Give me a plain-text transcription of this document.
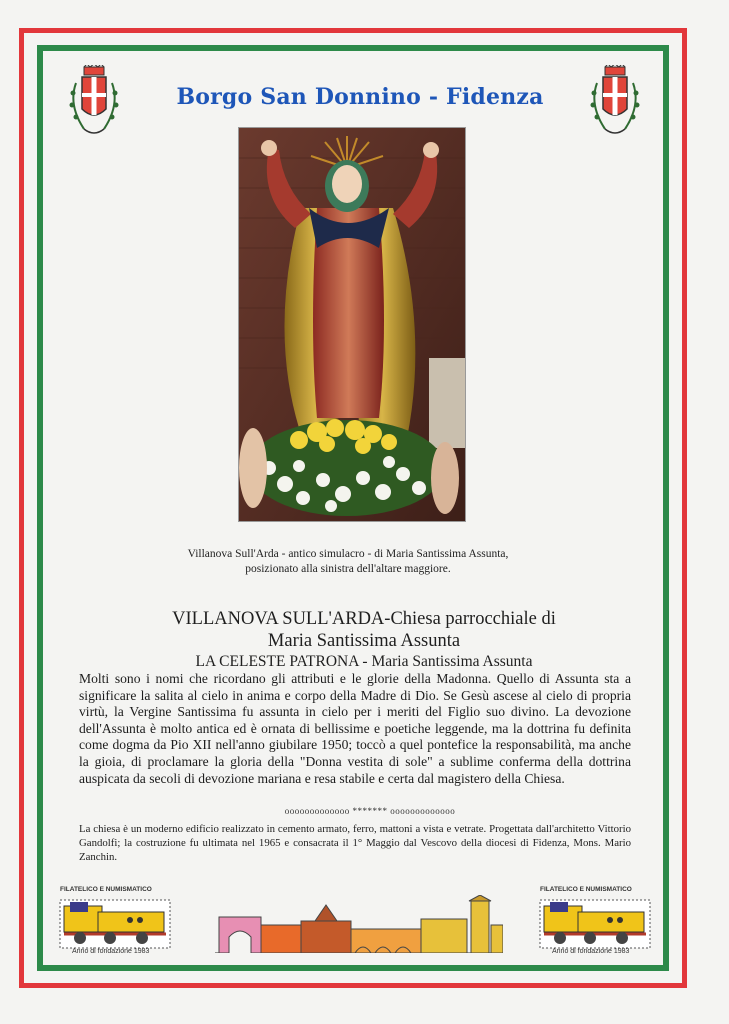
Borgo San Donnino - Fidenza
Villanova Sull'Arda - antico simulacro - di Maria Santissima Assunta,
posizionato alla sinistra dell'altare maggiore.
VILLANOVA SULL'ARDA-Chiesa parrocchiale di
Maria Santissima Assunta
LA CELESTE PATRONA - Maria Santissima Assunta
Molti sono i nomi che ricordano gli attributi e le glorie della Madonna. Quello di Assunta sta a significare la salita al cielo in anima e corpo della Madre di Dio. Se Gesù ascese al cielo di propria virtù, la Vergine Santissima fu assunta in cielo per i meriti del Figlio suo divino. La devozione dell'Assunta è molto antica ed è ornata di bellissime e poetiche leggende, ma la dottrina fu definita come dogma da Pio XII nell'anno giubilare 1950; toccò a quel pontefice la responsabilità, ma anche la gioia, di proclamare la gloria della "Donna vestita di sole" a sublime conferma della dottrina auspicata da secoli di devozione mariana e resa stabile e certa dal magistero della Chiesa.
ooooooooooooo ******* ooooooooooooo
La chiesa è un moderno edificio realizzato in cemento armato, ferro, mattoni a vista e vetrate. Progettata dall'architetto Vittorio Gandolfi; la costruzione fu ultimata nel 1965 e consacrata il 1° Maggio dal Vescovo della diocesi di Fidenza, Mons. Mario Zanchin.
FILATELICO E NUMISMATICO
Anno di fondazione 1983
FILATELICO E NUMISMATICO
Anno di fondazione 1983
